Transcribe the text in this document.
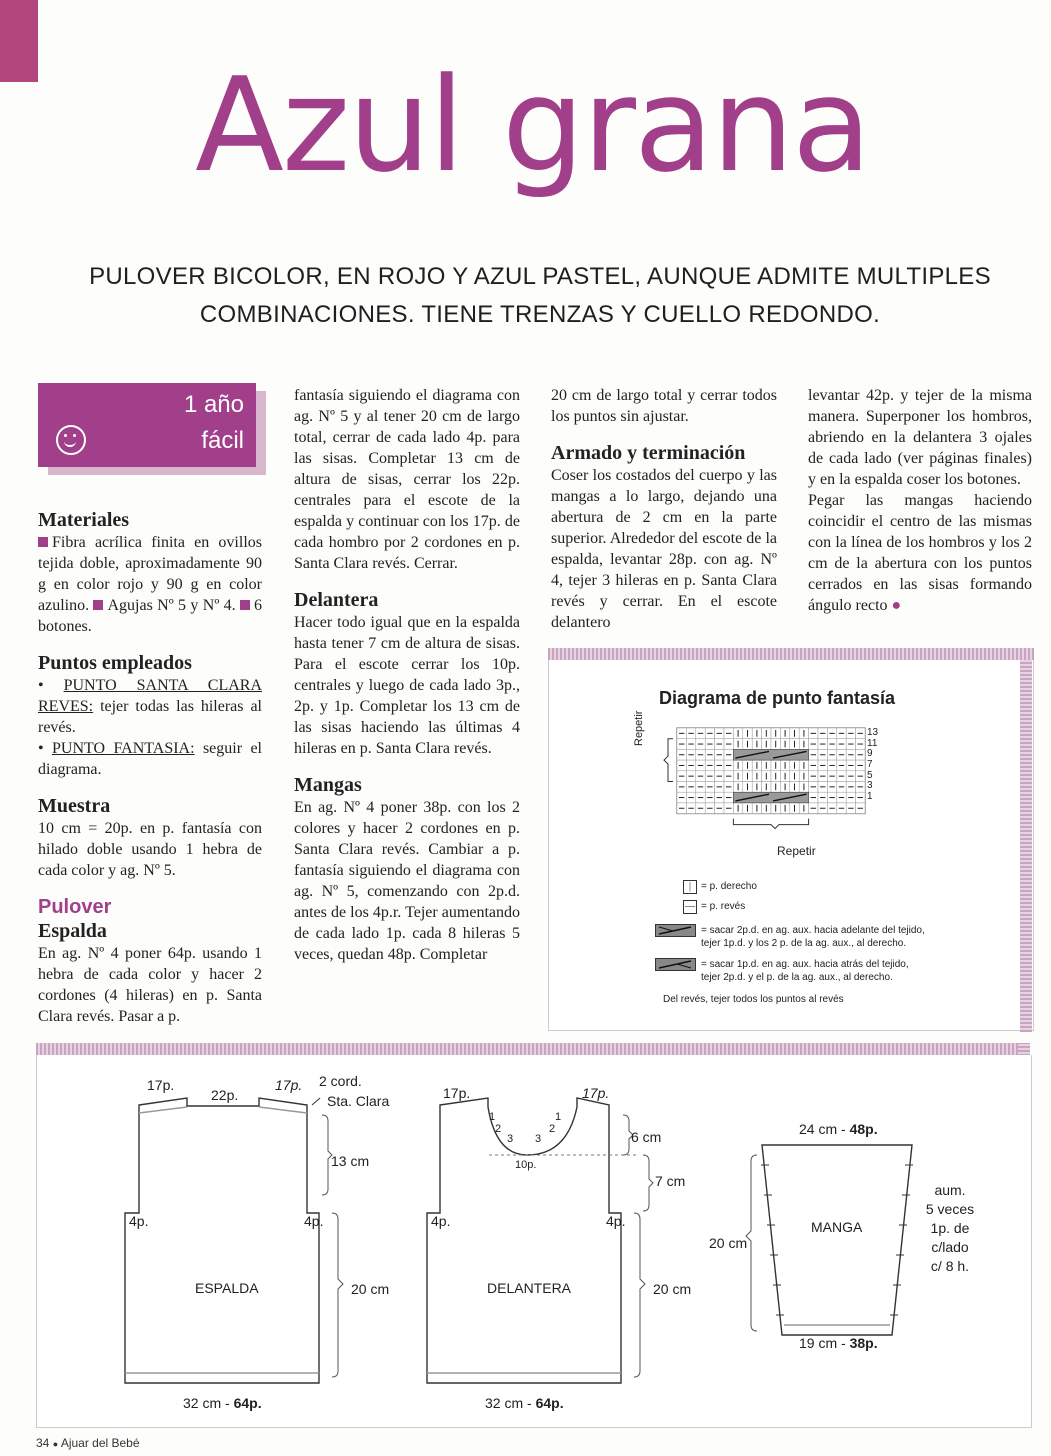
Azul grana
PULOVER BICOLOR, EN ROJO Y AZUL PASTEL, AUNQUE ADMITE MULTIPLES
COMBINACIONES. TIENE TRENZAS Y CUELLO REDONDO.
1 año
fácil
Materiales

Fibra acrílica finita en ovillos tejida doble, aproximadamente 90 g en color rojo y 90 g en color azulino. Agujas Nº 5 y Nº 4. 6 botones.

Puntos empleados

• PUNTO SANTA CLARA REVES: tejer todas las hileras al revés.

• PUNTO FANTASIA: seguir el diagrama.

Muestra

10 cm = 20p. en p. fantasía con hilado doble usando 1 hebra de cada color y ag. Nº 5.

Pulover
Espalda

En ag. Nº 4 poner 64p. usando 1 hebra de cada color y hacer 2 cordones (4 hileras) en p. Santa Clara revés. Pasar a p.

fantasía siguiendo el diagrama con ag. Nº 5 y al tener 20 cm de largo total, cerrar de cada lado 4p. para las sisas. Completar 13 cm de altura de sisas, cerrar los 22p. centrales para el escote de la espalda y continuar con los 17p. de cada hombro por 2 cordones en p. Santa Clara revés. Cerrar.

Delantera

Hacer todo igual que en la espalda hasta tener 7 cm de altura de sisas. Para el escote cerrar los 10p. centrales y luego de cada lado 3p., 2p. y 1p. Completar los 13 cm de las sisas haciendo las últimas 4 hileras en p. Santa Clara revés.

Mangas

En ag. Nº 4 poner 38p. con los 2 colores y hacer 2 cordones en p. Santa Clara revés. Cambiar a p. fantasía siguiendo el diagrama con ag. Nº 5, comenzando con 2p.d. antes de los 4p.r. Tejer aumentando de cada lado 1p. cada 8 hileras 5 veces, quedan 48p. Completar

20 cm de largo total y cerrar todos los puntos sin ajustar.

Armado y terminación

Coser los costados del cuerpo y las mangas a lo largo, dejando una abertura de 2 cm en la parte superior. Alrededor del escote de la espalda, levantar 28p. con ag. Nº 4, tejer 3 hileras en p. Santa Clara revés y cerrar. En el escote delantero

levantar 42p. y tejer de la misma manera. Superponer los hombros, abriendo en la delantera 3 ojales de cada lado (ver páginas finales) y en la espalda coser los botones.

Pegar las mangas haciendo coincidir el centro de las mismas con la línea de los hombros y los 2 cm de la abertura con los puntos cerrados en las sisas formando ángulo recto ●

Diagrama de punto fantasía
Repetir
Repetir
13
11
9
7
5
3
1
|	= p. derecho
— = p. revés
= sacar 2p.d. en ag. aux. hacia adelante del tejido,
tejer 1p.d. y los 2 p. de la ag. aux., al derecho.
= sacar 1p.d. en ag. aux. hacia atrás del tejido,
tejer 2p.d. y el p. de la ag. aux., al derecho.
Del revés, tejer todos los puntos al revés
17p.
22p.
17p. 2 cord.
Sta. Clara
13 cm
4p.	4p.
ESPALDA	20 cm
32 cm - 64p.
17p.	17p.
1
2
3 3
2
1
10p.
6 cm
7 cm
4p.	4p.
DELANTERA	20 cm
32 cm - 64p.
24 cm - 48p.
MANGA
20 cm
aum.
5 veces
1p. de
c/lado
c/ 8 h.
19 cm - 38p.
34 ● Ajuar del Bebé
